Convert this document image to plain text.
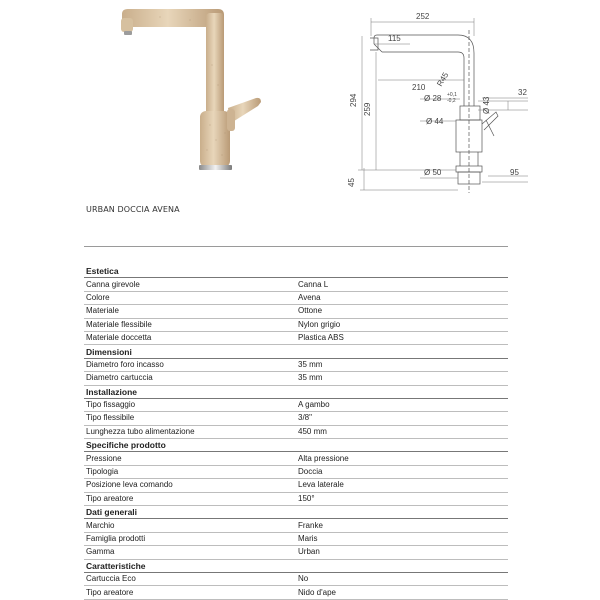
252
115
210
294
259
R45
Ø 28 +0,1
-0,2	Ø 43
32
Ø 44
45
Ø 50	95
URBAN DOCCIA AVENA
Estetica	
Canna girevole	Canna L
Colore	Avena
Materiale	Ottone
Materiale flessibile	Nylon grigio
Materiale doccetta	Plastica ABS
Dimensioni	
Diametro foro incasso	35 mm
Diametro cartuccia	35 mm
Installazione	
Tipo fissaggio	A gambo
Tipo flessibile	3/8"
Lunghezza tubo alimentazione	450 mm
Specifiche prodotto	
Pressione	Alta pressione
Tipologia	Doccia
Posizione leva comando	Leva laterale
Tipo areatore	150°
Dati generali	
Marchio	Franke
Famiglia prodotti	Maris
Gamma	Urban
Caratteristiche	
Cartuccia Eco	No
Tipo areatore	Nido d'ape
